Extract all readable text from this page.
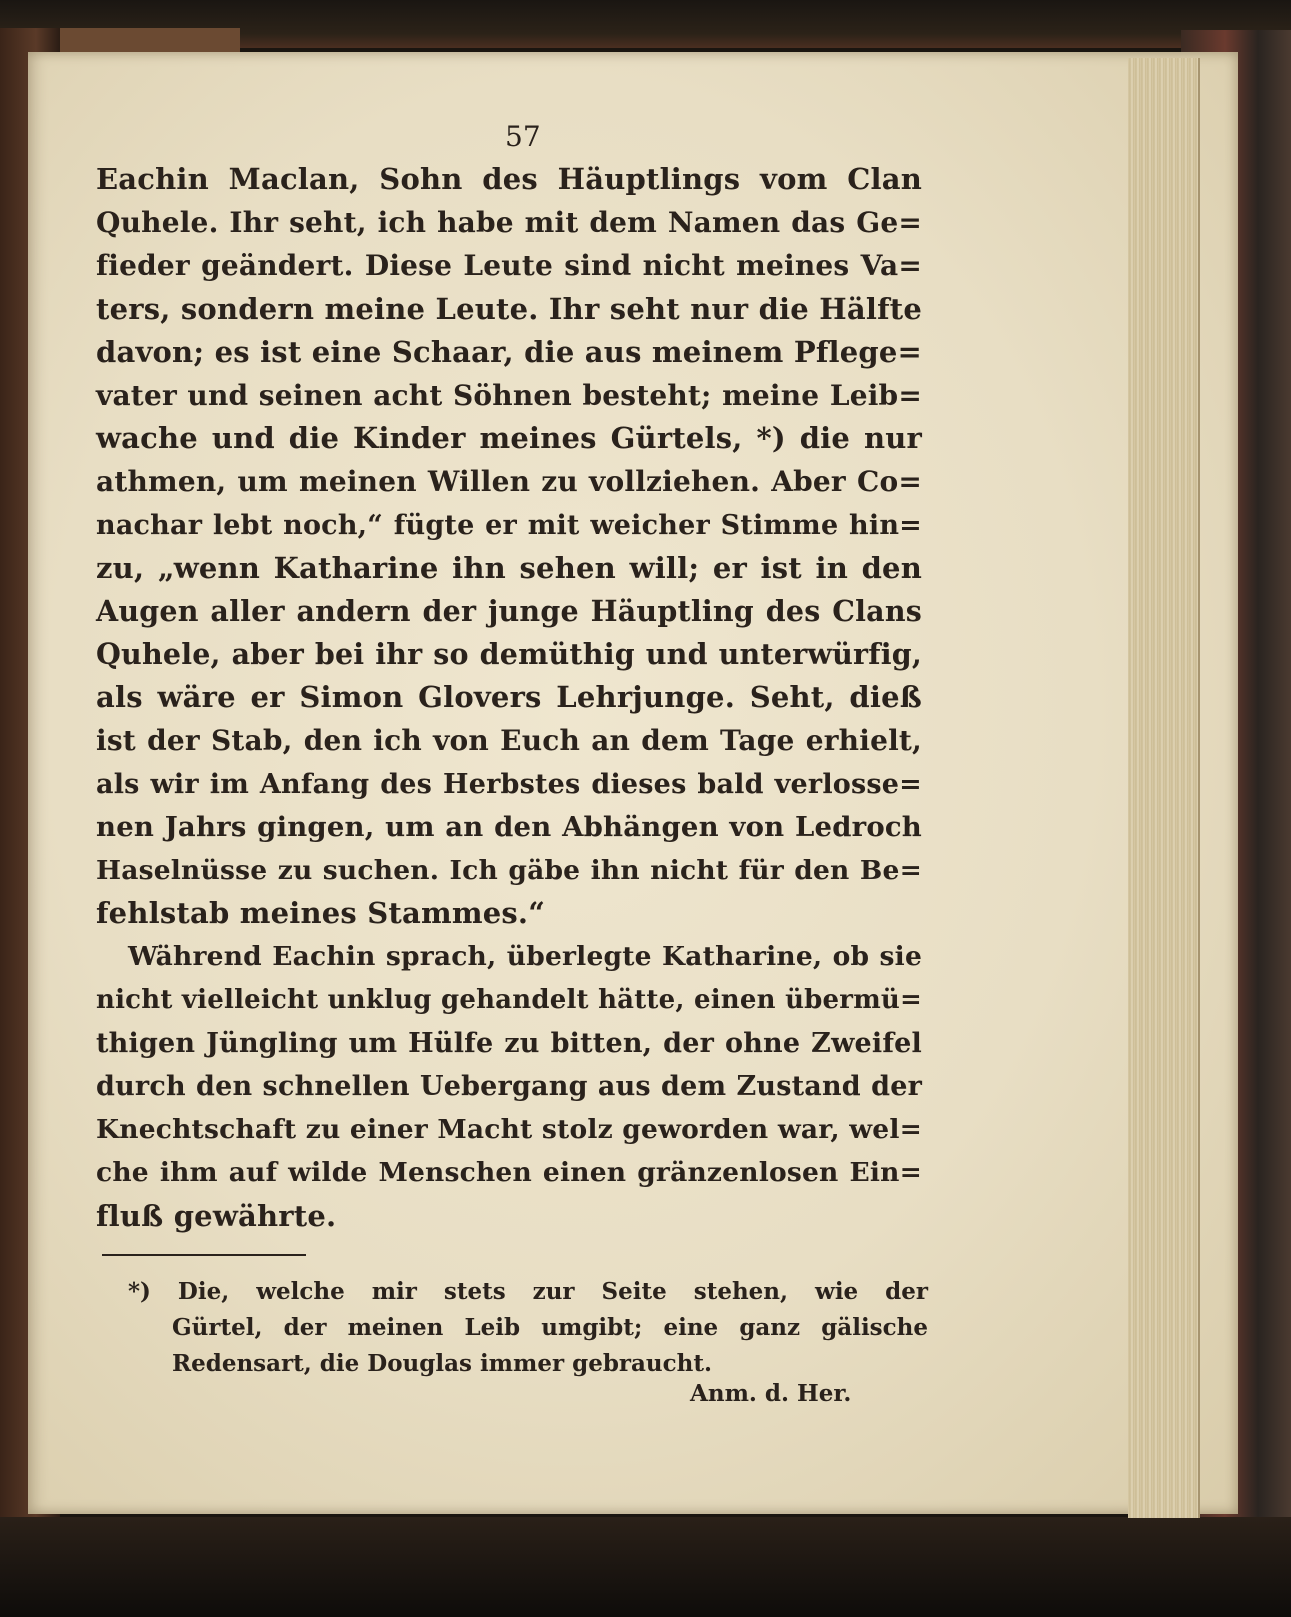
57
Eachin Maclan, Sohn des Häuptlings vom Clan
Quhele. Ihr seht, ich habe mit dem Namen das Ge=
fieder geändert. Diese Leute sind nicht meines Va=
ters, sondern meine Leute. Ihr seht nur die Hälfte
davon; es ist eine Schaar, die aus meinem Pflege=
vater und seinen acht Söhnen besteht; meine Leib=
wache und die Kinder meines Gürtels, *) die nur
athmen, um meinen Willen zu vollziehen. Aber Co=
nachar lebt noch,“ fügte er mit weicher Stimme hin=
zu, „wenn Katharine ihn sehen will; er ist in den
Augen aller andern der junge Häuptling des Clans
Quhele, aber bei ihr so demüthig und unterwürfig,
als wäre er Simon Glovers Lehrjunge. Seht, dieß
ist der Stab, den ich von Euch an dem Tage erhielt,
als wir im Anfang des Herbstes dieses bald verlosse=
nen Jahrs gingen, um an den Abhängen von Ledroch
Haselnüsse zu suchen. Ich gäbe ihn nicht für den Be=
fehlstab meines Stammes.“
Während Eachin sprach, überlegte Katharine, ob sie
nicht vielleicht unklug gehandelt hätte, einen übermü=
thigen Jüngling um Hülfe zu bitten, der ohne Zweifel
durch den schnellen Uebergang aus dem Zustand der
Knechtschaft zu einer Macht stolz geworden war, wel=
che ihm auf wilde Menschen einen gränzenlosen Ein=
fluß gewährte.
*) Die, welche mir stets zur Seite stehen, wie der
Gürtel, der meinen Leib umgibt; eine ganz gälische
Redensart, die Douglas immer gebraucht.
Anm. d. Her.
